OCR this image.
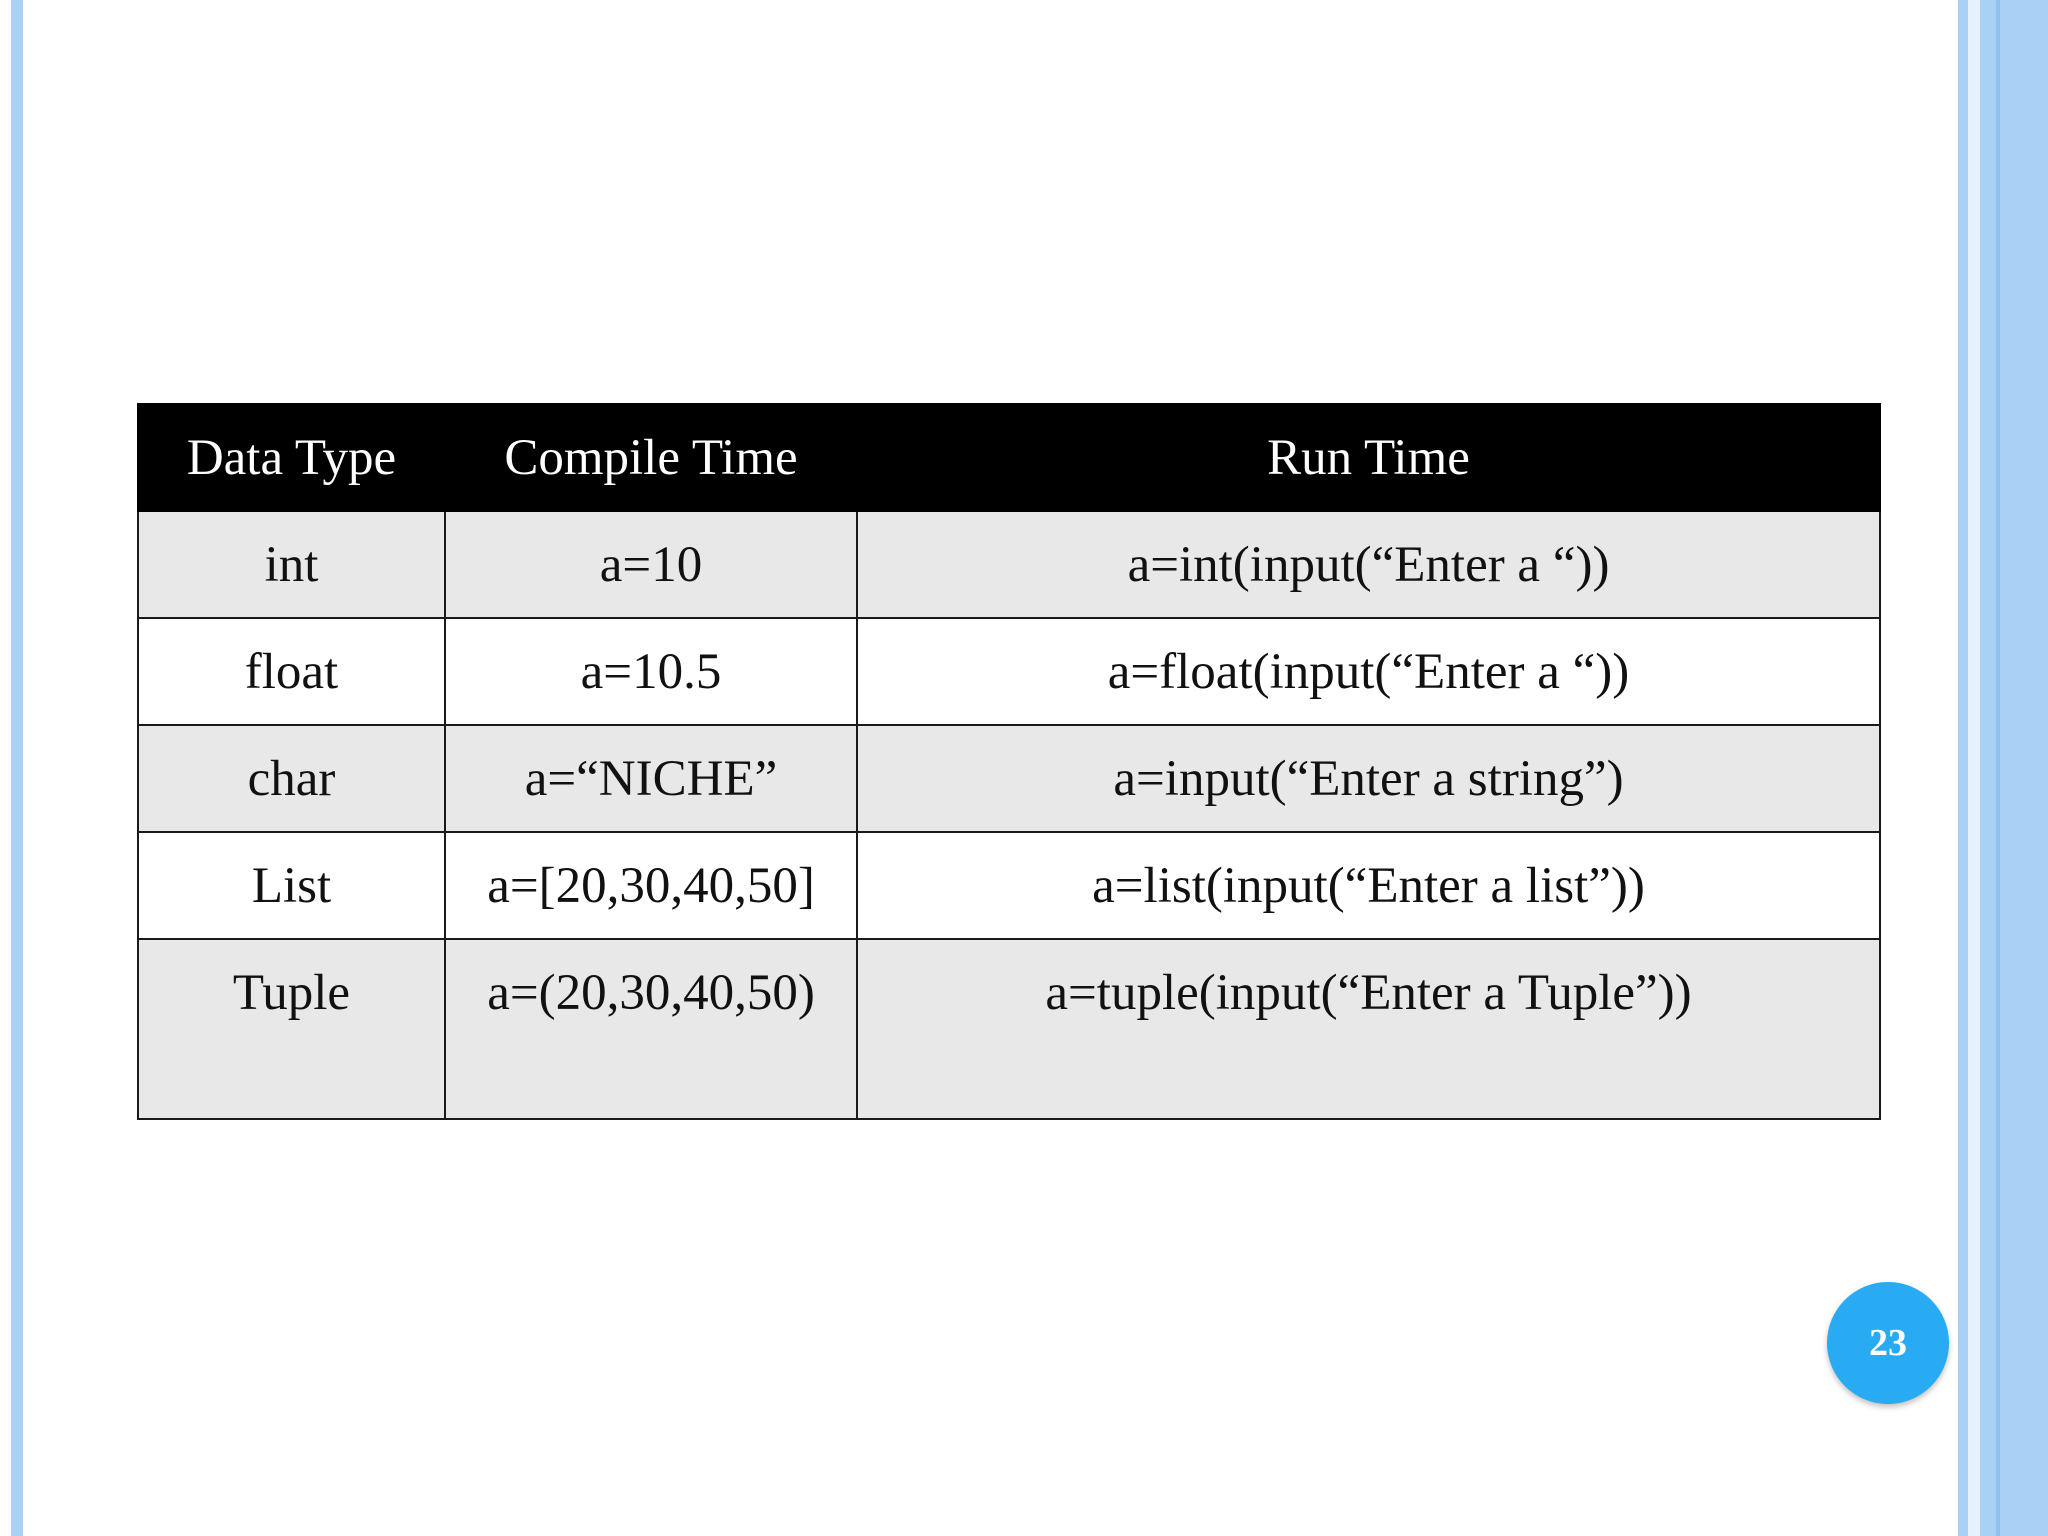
Data Type	Compile Time	Run Time
int	a=10	a=int(input(“Enter a “))
float	a=10.5	a=float(input(“Enter a “))
char	a=“NICHE”	a=input(“Enter a string”)
List	a=[20,30,40,50]	a=list(input(“Enter a list”))
Tuple	a=(20,30,40,50)	a=tuple(input(“Enter a Tuple”))
23
